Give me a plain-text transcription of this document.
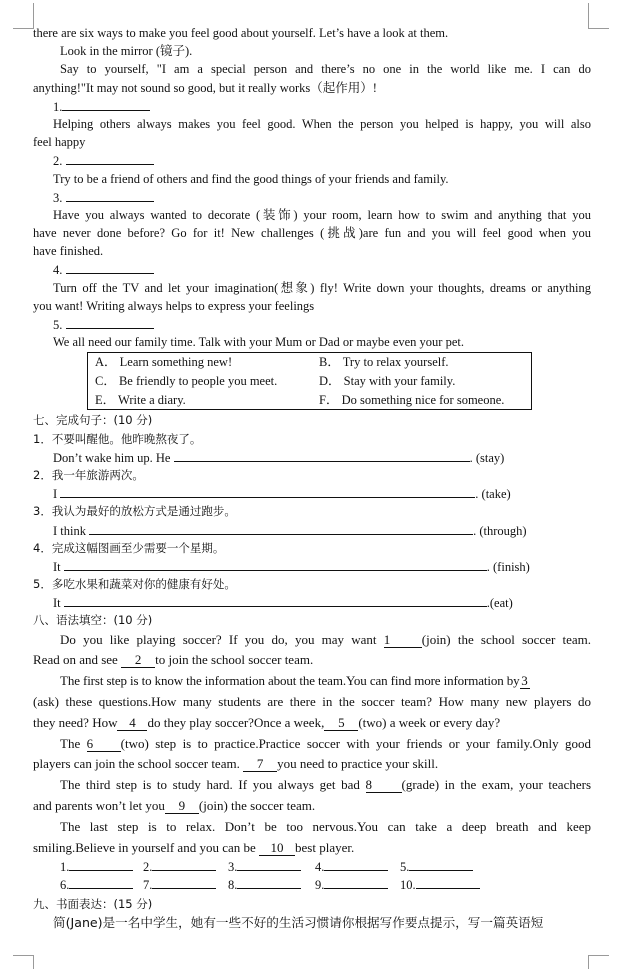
there are six ways to make you feel good about yourself. Let’s have a look at them.
Look in the mirror (镜子).
Say to yourself, "I am a special person and there’s no one in the world like me. I can do
anything!"It may not sound so good, but it really works（起作用）!
1.
Helping others always makes you feel good. When the person you helped is happy, you will also
feel happy
2.
Try to be a friend of others and find the good things of your friends and family.
3.
Have you always wanted to decorate (装饰) your room, learn how to swim and anything that you
have never done before? Go for it! New challenges (挑战)are fun and you will feel good when you
have finished.
4.
Turn off the TV and let your imagination(想象) fly! Write down your thoughts, dreams or anything
you want! Writing always helps to express your feelings
5.
We all need our family time. Talk with your Mum or Dad or maybe even your pet.
A． Learn something new!	B． Try to relax yourself.
C． Be friendly to people you meet.	D． Stay with your family.
E． Write a diary.	F． Do something nice for someone.
七、完成句子：(10 分)
1．不要叫醒他。他昨晚熬夜了。
Don’t wake him up. He	. (stay)
2．我一年旅游两次。
I	. (take)
3．我认为最好的放松方式是通过跑步。
I think	. (through)
4．完成这幅图画至少需要一个星期。
It	. (finish)
5．多吃水果和蔬菜对你的健康有好处。
It	.(eat)
八、语法填空：(10 分)
Do you like playing soccer? If you do, you may want 1 (join) the school soccer team.
Read on and see 2 to join the school soccer team.
The first step is to know the information about the team.You can find more information by 3
(ask) these questions.How many students are there in the soccer team? How many new players do
they need? How 4 do they play soccer?Once a week, 5 (two) a week or every day?
The 6 (two) step is to practice.Practice soccer with your friends or your family.Only good
players can join the school soccer team. 7 you need to practice your skill.
The third step is to study hard. If you always get bad 8 (grade) in the exam, your teachers
and parents won’t let you 9 (join) the soccer team.
The last step is to relax. Don’t be too nervous.You can take a deep breath and keep
smiling.Believe in yourself and you can be 10 best player.
1.	2.	3.	4.	5.
6.	7.	8.	9.	10.
九、书面表达：(15 分)
简(Jane)是一名中学生，她有一些不好的生活习惯请你根据写作要点提示，写一篇英语短
